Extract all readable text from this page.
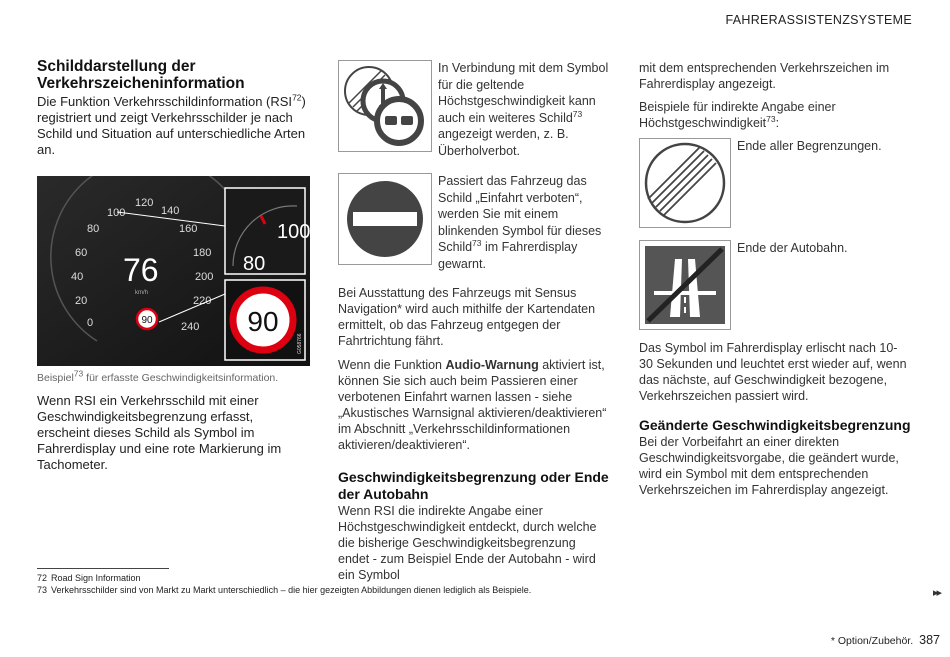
FAHRERASSISTENZSYSTEME
Schilddarstellung der Verkehrszeicheninformation

Die Funktion Verkehrsschildinformation (RSI$^{72}$) registriert und zeigt Verkehrsschilder je nach Schild und Situation auf unterschiedliche Arten an.

0
20
40
60
80
100
120
140
160
180
200
220
240
76
km/h
90
100
80
90
G058766
Beispiel$^{73}$ für erfasste Geschwindigkeitsinformation.

Wenn RSI ein Verkehrsschild mit einer Geschwindigkeitsbegrenzung erfasst, erscheint dieses Schild als Symbol im Fahrerdisplay und eine rote Markierung im Tachometer.

In Verbindung mit dem Symbol für die geltende Höchstgeschwindigkeit kann auch ein weiteres Schild$^{73}$ angezeigt werden, z. B. Überholverbot.
Passiert das Fahrzeug das Schild „Einfahrt verboten“, werden Sie mit einem blinkenden Symbol für dieses Schild$^{73}$ im Fahrerdisplay gewarnt.

Bei Ausstattung des Fahrzeugs mit Sensus Navigation* wird auch mithilfe der Kartendaten ermittelt, ob das Fahrzeug entgegen der Fahrtrichtung fährt.

Wenn die Funktion Audio-Warnung aktiviert ist, können Sie sich auch beim Passieren einer verbotenen Einfahrt warnen lassen - siehe „Akustisches Warnsignal aktivieren/deaktivieren“ im Abschnitt „Verkehrsschildinformationen aktivieren/deaktivieren“.

Geschwindigkeitsbegrenzung oder Ende der Autobahn

Wenn RSI die indirekte Angabe einer Höchstgeschwindigkeit entdeckt, durch welche die bisherige Geschwindigkeitsbegrenzung endet - zum Beispiel Ende der Autobahn - wird ein Symbol

mit dem entsprechenden Verkehrszeichen im Fahrerdisplay angezeigt.

Beispiele für indirekte Angabe einer Höchstgeschwindigkeit$^{73}$:

Ende aller Begrenzungen.
Ende der Autobahn.

Das Symbol im Fahrerdisplay erlischt nach 10-30 Sekunden und leuchtet erst wieder auf, wenn das nächste, auf Geschwindigkeit bezogene, Verkehrszeichen passiert wird.

Geänderte Geschwindigkeitsbegrenzung

Bei der Vorbeifahrt an einer direkten Geschwindigkeitsvorgabe, die geändert wurde, wird ein Symbol mit dem entsprechenden Verkehrszeichen im Fahrerdisplay angezeigt.

72 Road Sign Information
73 Verkehrsschilder sind von Markt zu Markt unterschiedlich – die hier gezeigten Abbildungen dienen lediglich als Beispiele.	▸▸
* Option/Zubehör. 387
